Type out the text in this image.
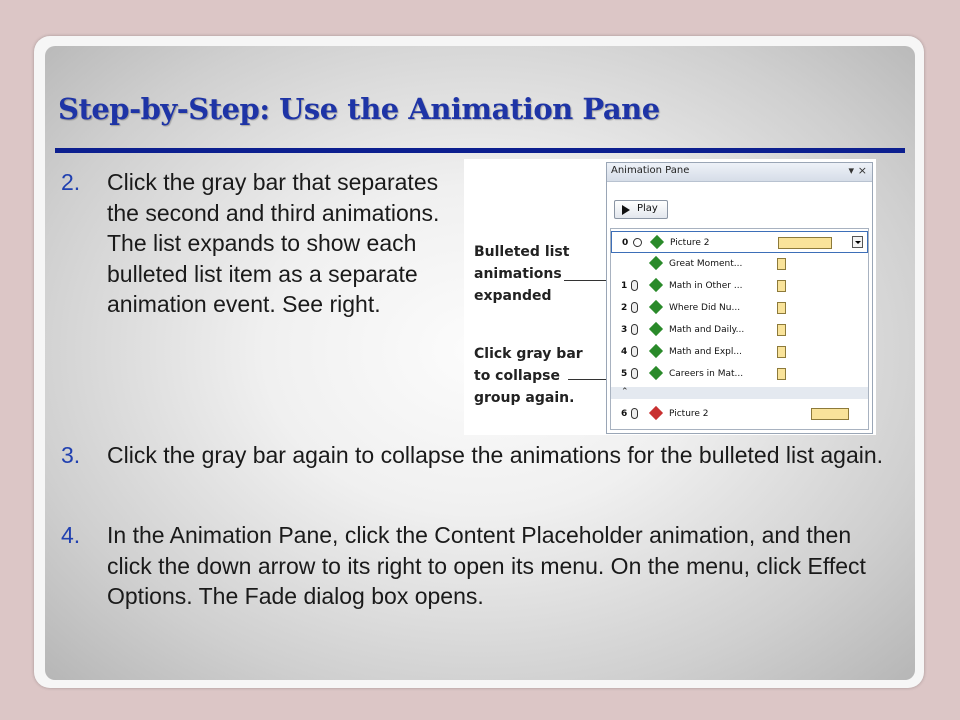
Step-by-Step: Use the Animation Pane

2. Click the gray bar that separates the second and third animations. The list expands to show each bulleted list item as a separate animation event. See right.

3. Click the gray bar again to collapse the animations for the bulleted list again.

4. In the Animation Pane, click the Content Placeholder animation, and then click the down arrow to its right to open its menu. On the menu, click Effect Options. The Fade dialog box opens.

Bulleted list animations expanded

Click gray bar to collapse group again.

Animation Pane	▾ ×
Play
0	Picture 2
Great Moment...
1	Math in Other ...
2	Where Did Nu...
3	Math and Daily...
4	Math and Expl...
5	Careers in Mat...
⌃
6	Picture 2
